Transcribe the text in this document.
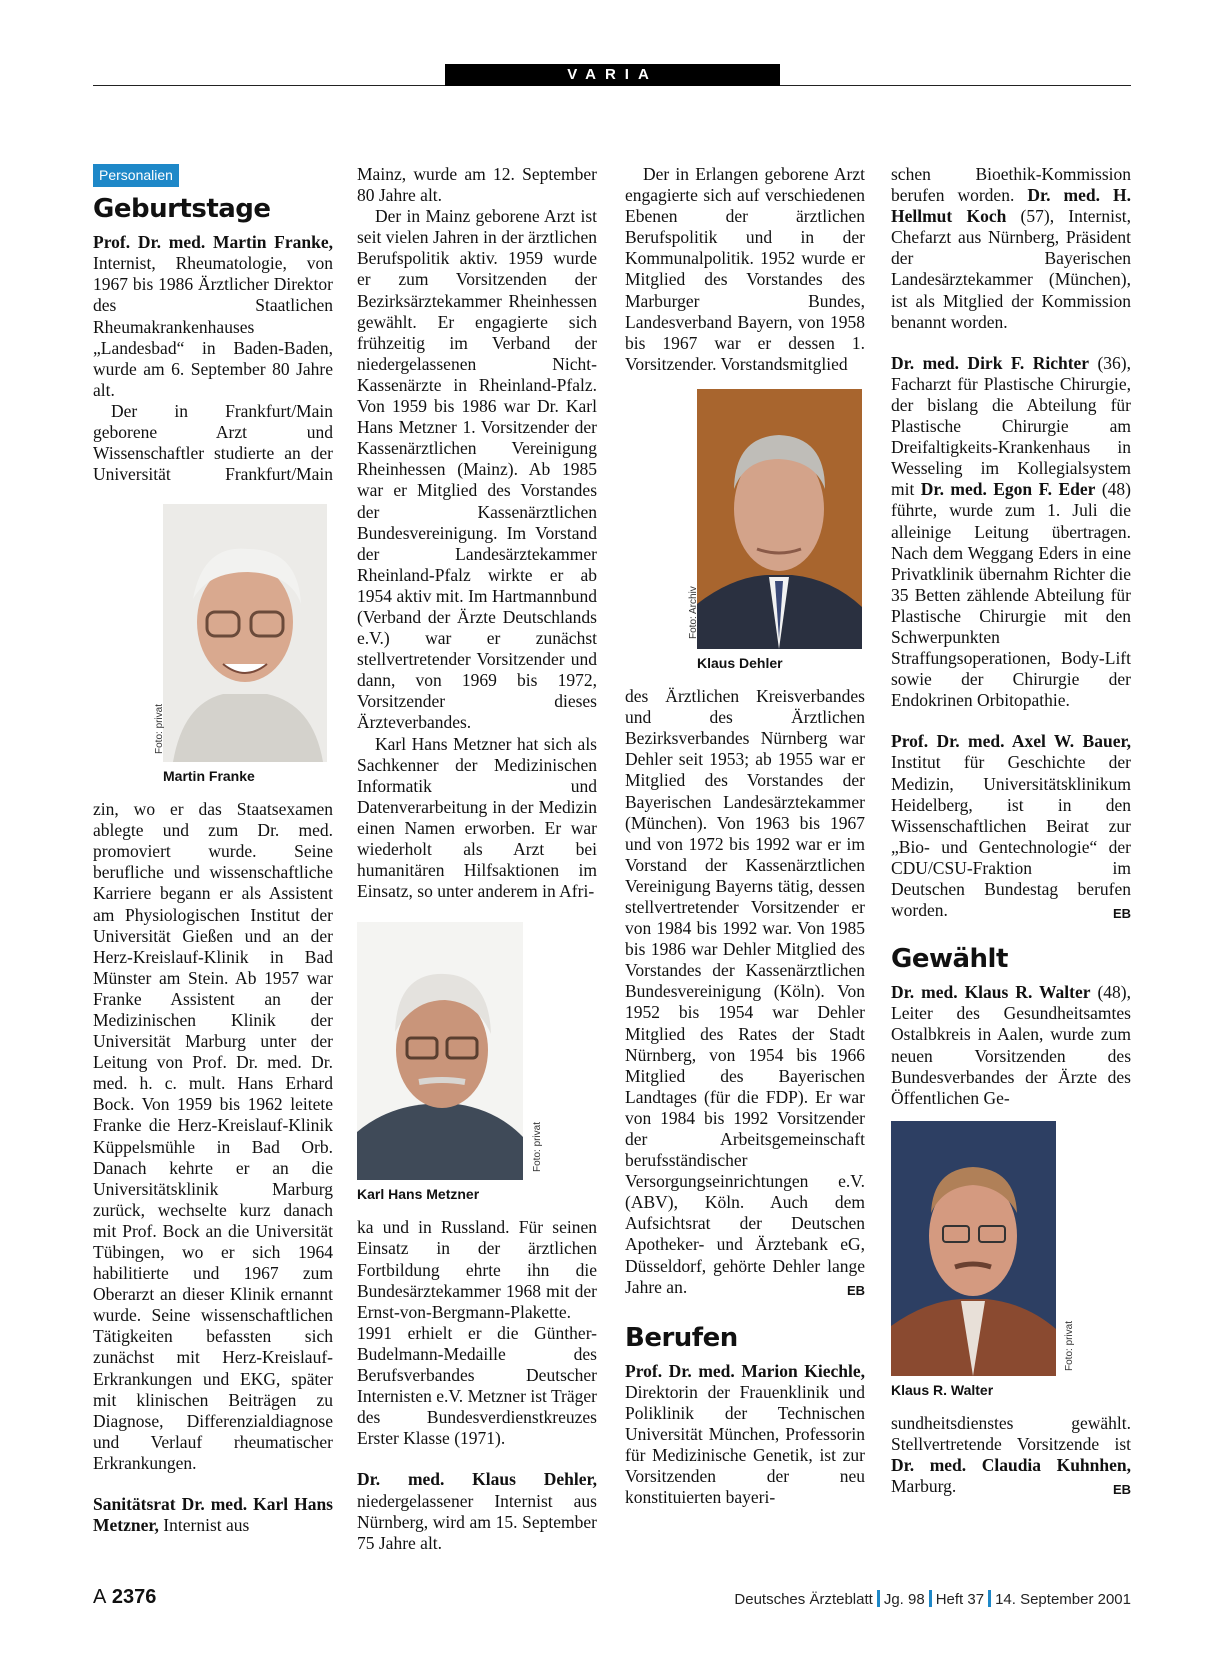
VARIA
Personalien
Geburtstage

Prof. Dr. med. Martin Franke, Internist, Rheumatologie, von 1967 bis 1986 Ärztlicher Direktor des Staatlichen Rheumakrankenhauses „Landesbad“ in Baden-Baden, wurde am 6. September 80 Jahre alt.

Der in Frankfurt/Main geborene Arzt und Wissenschaftler studierte an der Universität Frankfurt/Main

Foto: privat
Martin Franke

zin, wo er das Staatsexamen ablegte und zum Dr. med. promoviert wurde. Seine berufliche und wissenschaftliche Karriere begann er als Assistent am Physiologischen Institut der Universität Gießen und an der Herz-Kreislauf-Klinik in Bad Münster am Stein. Ab 1957 war Franke Assistent an der Medizinischen Klinik der Universität Marburg unter der Leitung von Prof. Dr. med. Dr. med. h. c. mult. Hans Erhard Bock. Von 1959 bis 1962 leitete Franke die Herz-Kreislauf-Klinik Küppelsmühle in Bad Orb. Danach kehrte er an die Universitätsklinik Marburg zurück, wechselte kurz danach mit Prof. Bock an die Universität Tübingen, wo er sich 1964 habilitierte und 1967 zum Oberarzt an dieser Klinik ernannt wurde. Seine wissenschaftlichen Tätigkeiten befassten sich zunächst mit Herz-Kreislauf-Erkrankungen und EKG, später mit klinischen Beiträgen zu Diagnose, Differenzialdiagnose und Verlauf rheumatischer Erkrankungen.

Sanitätsrat Dr. med. Karl Hans Metzner, Internist aus

Mainz, wurde am 12. September 80 Jahre alt.

Der in Mainz geborene Arzt ist seit vielen Jahren in der ärztlichen Berufspolitik aktiv. 1959 wurde er zum Vorsitzenden der Bezirksärztekammer Rheinhessen gewählt. Er engagierte sich frühzeitig im Verband der niedergelassenen Nicht-Kassenärzte in Rheinland-Pfalz. Von 1959 bis 1986 war Dr. Karl Hans Metzner 1. Vorsitzender der Kassenärztlichen Vereinigung Rheinhessen (Mainz). Ab 1985 war er Mitglied des Vorstandes der Kassenärztlichen Bundesvereinigung. Im Vorstand der Landesärztekammer Rheinland-Pfalz wirkte er ab 1954 aktiv mit. Im Hartmannbund (Verband der Ärzte Deutschlands e.V.) war er zunächst stellvertretender Vorsitzender und dann, von 1969 bis 1972, Vorsitzender dieses Ärzteverbandes.

Karl Hans Metzner hat sich als Sachkenner der Medizinischen Informatik und Datenverarbeitung in der Medizin einen Namen erworben. Er war wiederholt als Arzt bei humanitären Hilfsaktionen im Einsatz, so unter anderem in Afri-

Foto: privat
Karl Hans Metzner

ka und in Russland. Für seinen Einsatz in der ärztlichen Fortbildung ehrte ihn die Bundesärztekammer 1968 mit der Ernst-von-Bergmann-Plakette. 1991 erhielt er die Günther-Budelmann-Medaille des Berufsverbandes Deutscher Internisten e.V. Metzner ist Träger des Bundesverdienstkreuzes Erster Klasse (1971).

Dr. med. Klaus Dehler, niedergelassener Internist aus Nürnberg, wird am 15. September 75 Jahre alt.

Der in Erlangen geborene Arzt engagierte sich auf verschiedenen Ebenen der ärztlichen Berufspolitik und in der Kommunalpolitik. 1952 wurde er Mitglied des Vorstandes des Marburger Bundes, Landesverband Bayern, von 1958 bis 1967 war er dessen 1. Vorsitzender. Vorstandsmitglied

Foto: Archiv
Klaus Dehler

des Ärztlichen Kreisverbandes und des Ärztlichen Bezirksverbandes Nürnberg war Dehler seit 1953; ab 1955 war er Mitglied des Vorstandes der Bayerischen Landesärztekammer (München). Von 1963 bis 1967 und von 1972 bis 1992 war er im Vorstand der Kassenärztlichen Vereinigung Bayerns tätig, dessen stellvertretender Vorsitzender er von 1984 bis 1992 war. Von 1985 bis 1986 war Dehler Mitglied des Vorstandes der Kassenärztlichen Bundesvereinigung (Köln). Von 1952 bis 1954 war Dehler Mitglied des Rates der Stadt Nürnberg, von 1954 bis 1966 Mitglied des Bayerischen Landtages (für die FDP). Er war von 1984 bis 1992 Vorsitzender der Arbeitsgemeinschaft berufsständischer Versorgungseinrichtungen e.V. (ABV), Köln. Auch dem Aufsichtsrat der Deutschen Apotheker- und Ärztebank eG, Düsseldorf, gehörte Dehler lange Jahre an.	EB

Berufen

Prof. Dr. med. Marion Kiechle, Direktorin der Frauenklinik und Poliklinik der Technischen Universität München, Professorin für Medizinische Genetik, ist zur Vorsitzenden der neu konstituierten bayeri-

schen Bioethik-Kommission berufen worden. Dr. med. H. Hellmut Koch (57), Internist, Chefarzt aus Nürnberg, Präsident der Bayerischen Landesärztekammer (München), ist als Mitglied der Kommission benannt worden.

Dr. med. Dirk F. Richter (36), Facharzt für Plastische Chirurgie, der bislang die Abteilung für Plastische Chirurgie am Dreifaltigkeits-Krankenhaus in Wesseling im Kollegialsystem mit Dr. med. Egon F. Eder (48) führte, wurde zum 1. Juli die alleinige Leitung übertragen. Nach dem Weggang Eders in eine Privatklinik übernahm Richter die 35 Betten zählende Abteilung für Plastische Chirurgie mit den Schwerpunkten Straffungsoperationen, Body-Lift sowie der Chirurgie der Endokrinen Orbitopathie.

Prof. Dr. med. Axel W. Bauer, Institut für Geschichte der Medizin, Universitätsklinikum Heidelberg, ist in den Wissenschaftlichen Beirat zur „Bio- und Gentechnologie“ der CDU/CSU-Fraktion im Deutschen Bundestag berufen worden.	EB

Gewählt

Dr. med. Klaus R. Walter (48), Leiter des Gesundheitsamtes Ostalbkreis in Aalen, wurde zum neuen Vorsitzenden des Bundesverbandes der Ärzte des Öffentlichen Ge-

Foto: privat
Klaus R. Walter

sundheitsdienstes gewählt. Stellvertretende Vorsitzende ist Dr. med. Claudia Kuhnhen, Marburg.	EB

A 2376	Deutsches Ärzteblatt Jg. 98 Heft 37 14. September 2001
